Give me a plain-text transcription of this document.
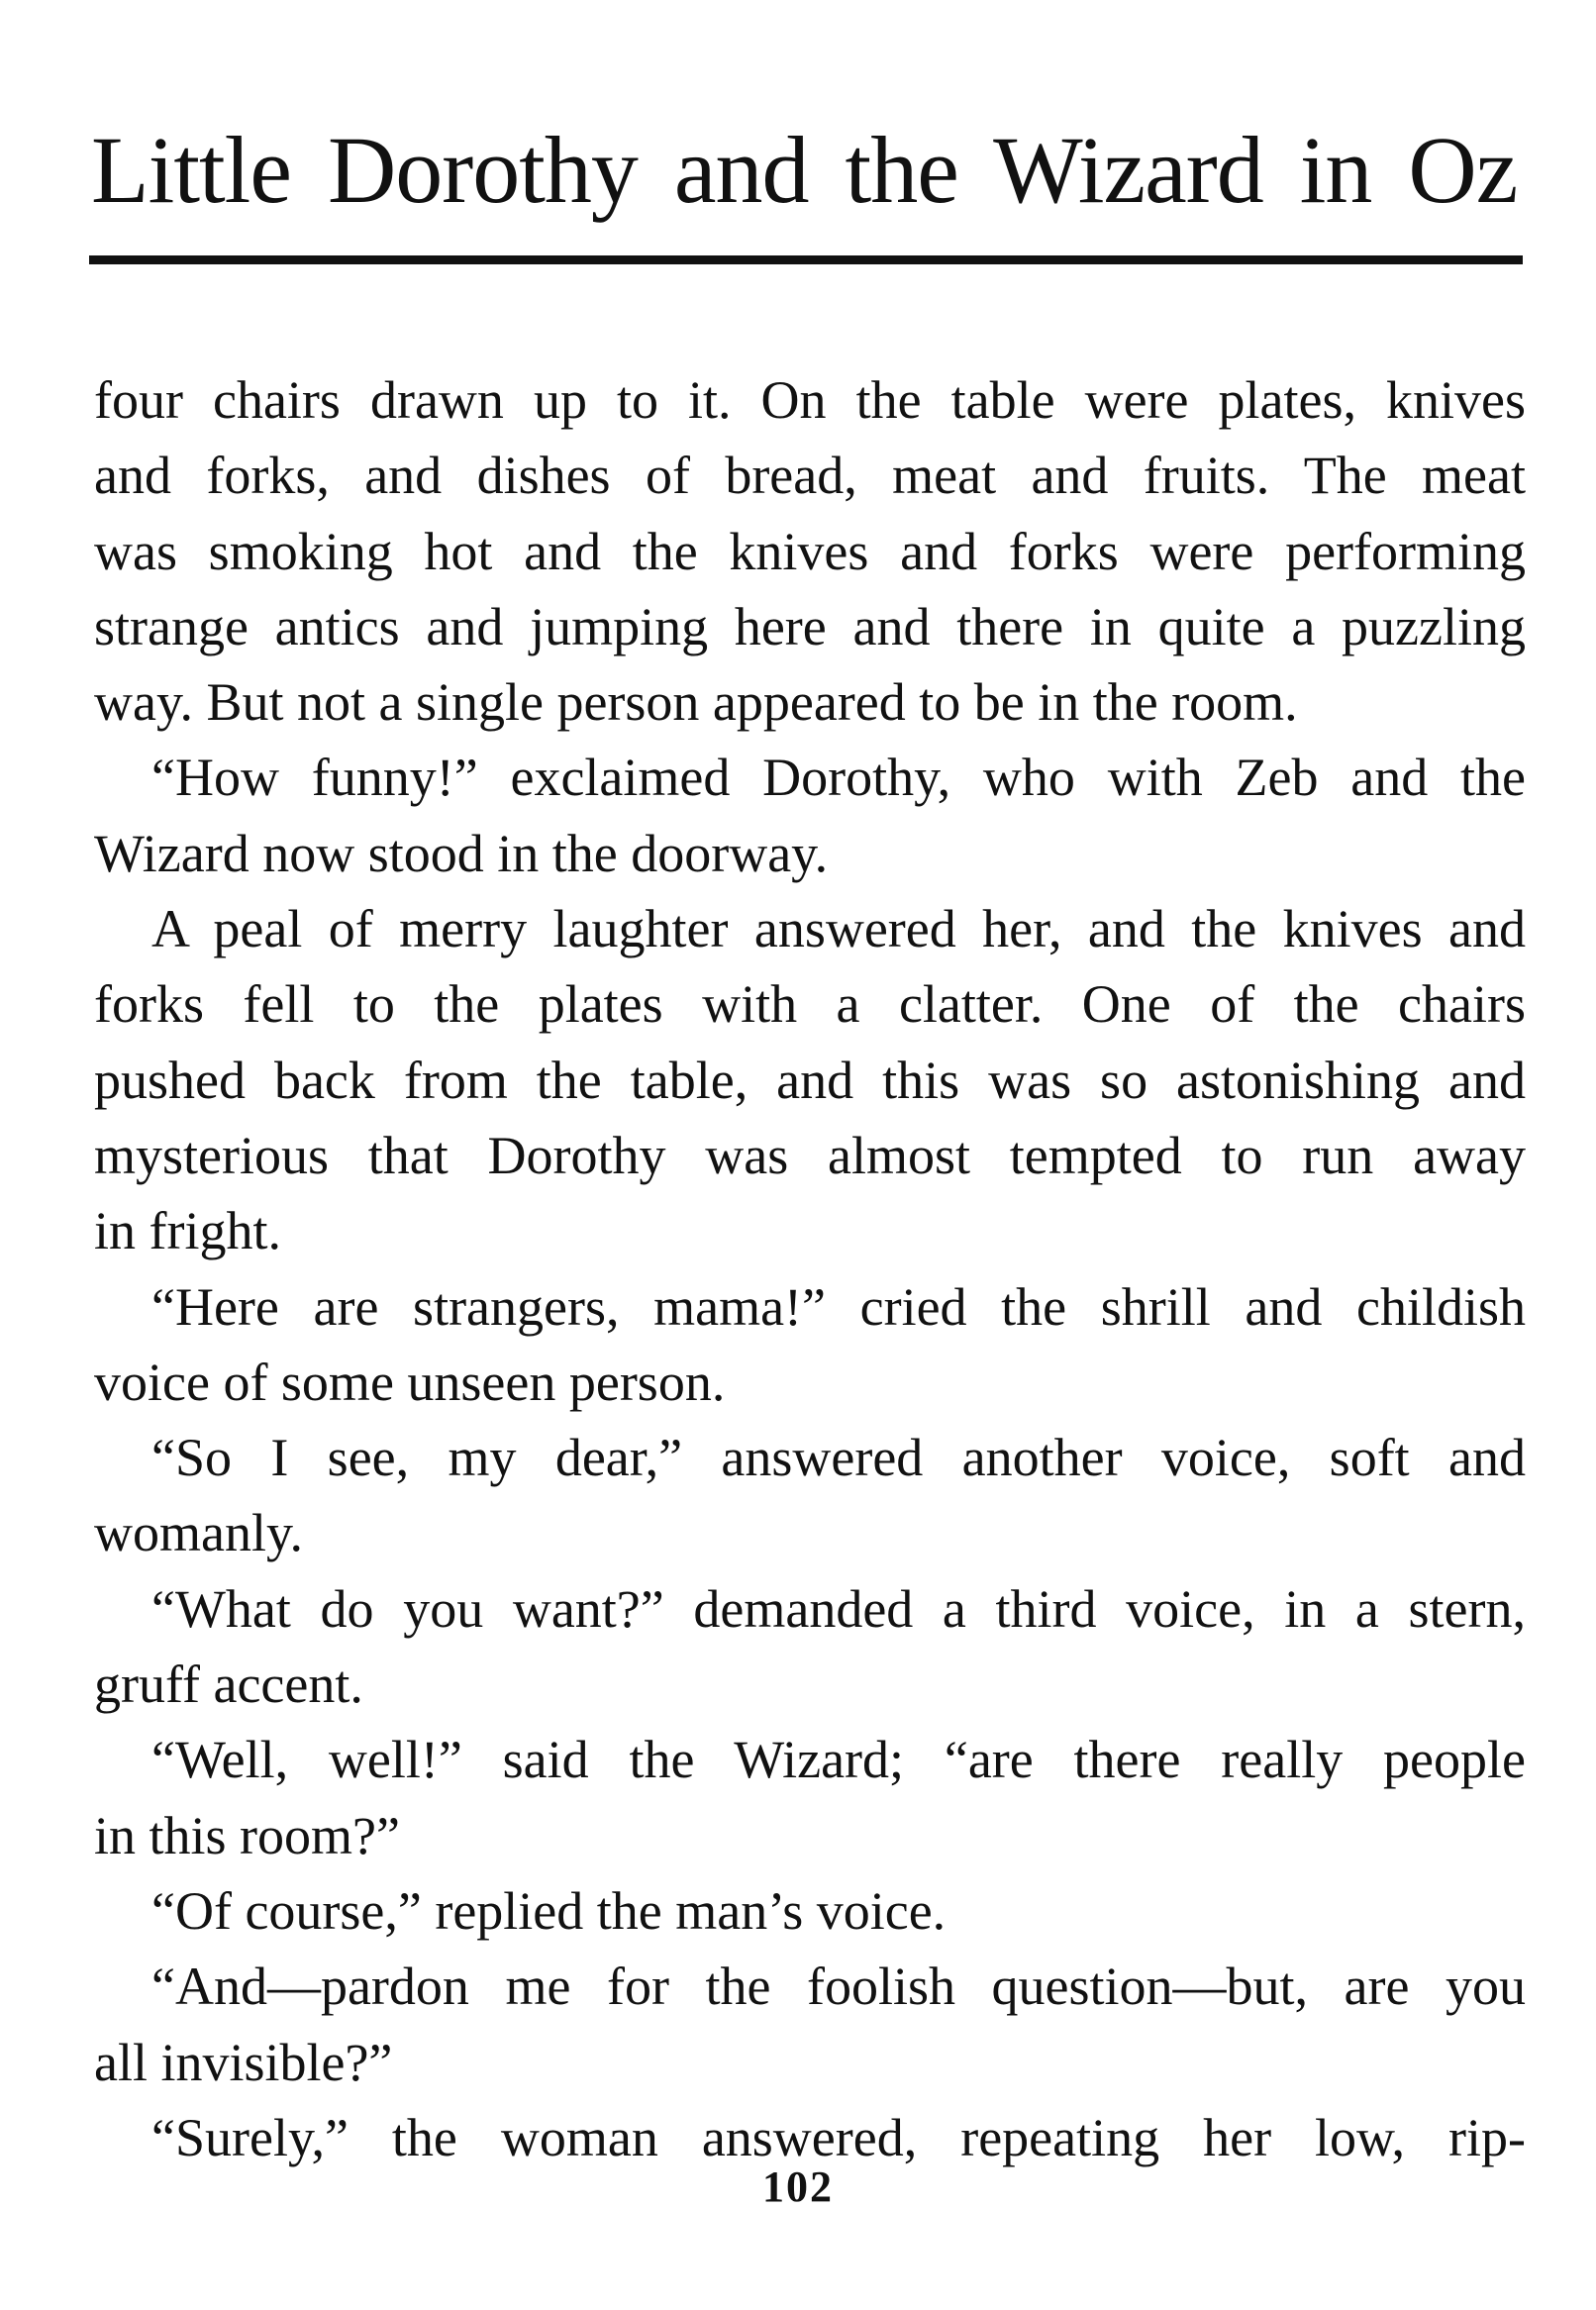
Little Dorothy and the Wizard in Oz
four chairs drawn up to it. On the table were plates, knives
and forks, and dishes of bread, meat and fruits. The meat
was smoking hot and the knives and forks were performing
strange antics and jumping here and there in quite a puzzling
way. But not a single person appeared to be in the room.
“How funny!” exclaimed Dorothy, who with Zeb and the
Wizard now stood in the doorway.
A peal of merry laughter answered her, and the knives and
forks fell to the plates with a clatter. One of the chairs
pushed back from the table, and this was so astonishing and
mysterious that Dorothy was almost tempted to run away
in fright.
“Here are strangers, mama!” cried the shrill and childish
voice of some unseen person.
“So I see, my dear,” answered another voice, soft and
womanly.
“What do you want?” demanded a third voice, in a stern,
gruff accent.
“Well, well!” said the Wizard; “are there really people
in this room?”
“Of course,” replied the man’s voice.
“And—pardon me for the foolish question—but, are you
all invisible?”
“Surely,” the woman answered, repeating her low, rip-
102
